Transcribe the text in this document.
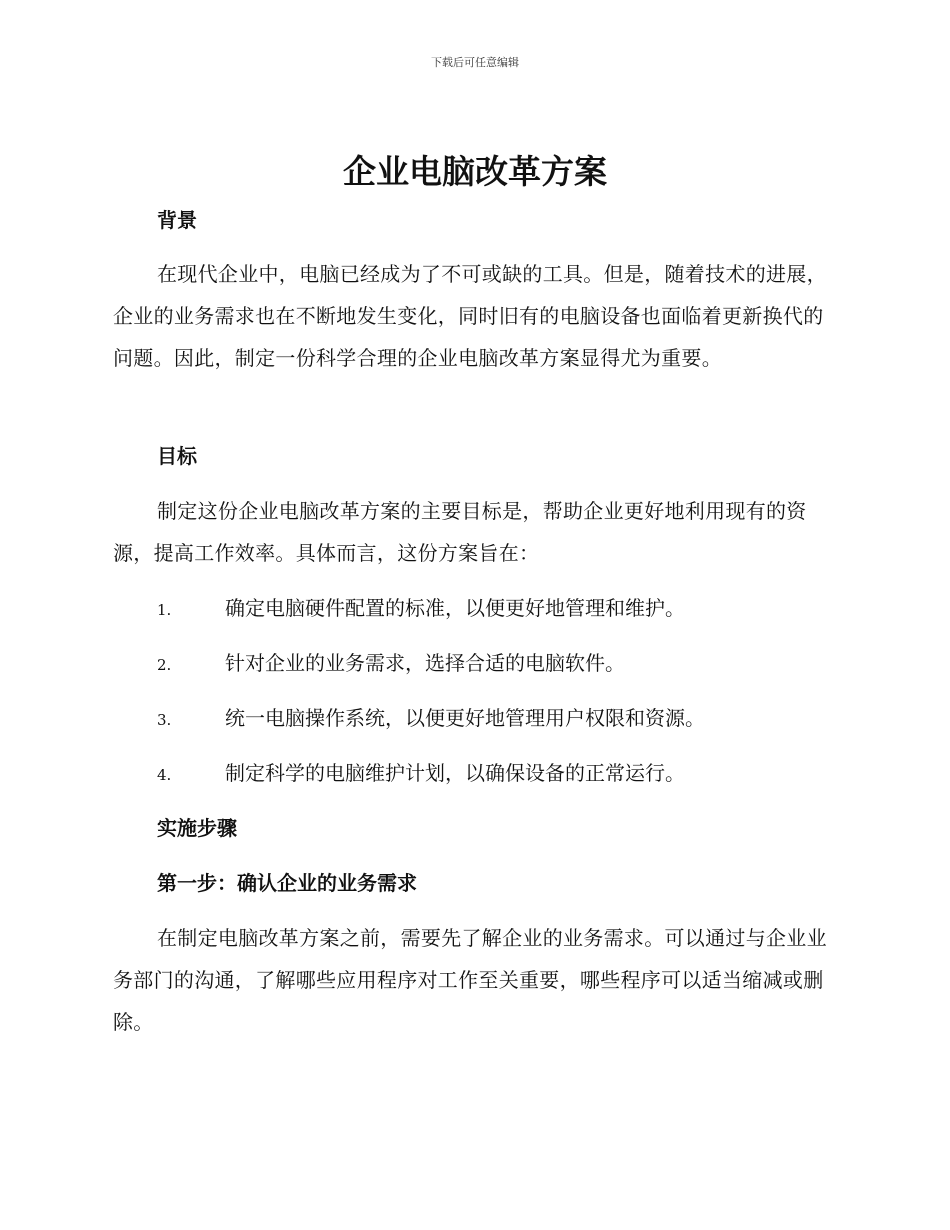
下载后可任意编辑
企业电脑改革方案
背景

在现代企业中，电脑已经成为了不可或缺的工具。但是，随着技术的进展，企业的业务需求也在不断地发生变化，同时旧有的电脑设备也面临着更新换代的问题。因此，制定一份科学合理的企业电脑改革方案显得尤为重要。

目标

制定这份企业电脑改革方案的主要目标是，帮助企业更好地利用现有的资源，提高工作效率。具体而言，这份方案旨在：

1.	确定电脑硬件配置的标准，以便更好地管理和维护。
2.	针对企业的业务需求，选择合适的电脑软件。
3.	统一电脑操作系统，以便更好地管理用户权限和资源。
4.	制定科学的电脑维护计划，以确保设备的正常运行。
实施步骤
第一步：确认企业的业务需求

在制定电脑改革方案之前，需要先了解企业的业务需求。可以通过与企业业务部门的沟通，了解哪些应用程序对工作至关重要，哪些程序可以适当缩减或删除。
